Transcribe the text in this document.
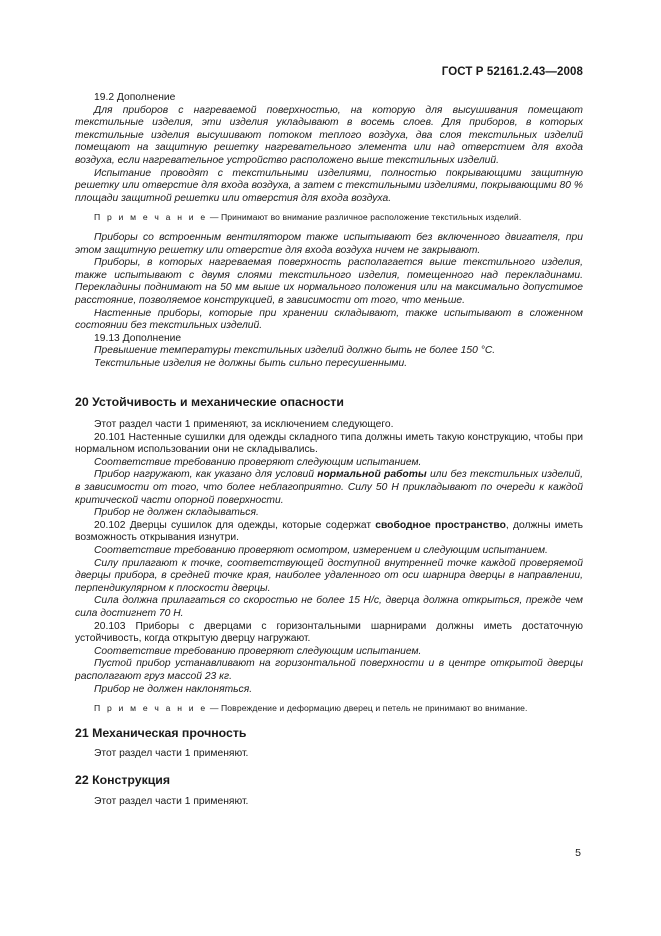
ГОСТ Р 52161.2.43—2008

19.2 Дополнение

Для приборов с нагреваемой поверхностью, на которую для высушивания помещают текстильные изделия, эти изделия укладывают в восемь слоев. Для приборов, в которых текстильные изделия высушивают потоком теплого воздуха, два слоя текстильных изделий помещают на защитную решетку нагревательного элемента или над отверстием для входа воздуха, если нагревательное устройство расположено выше текстильных изделий.

Испытание проводят с текстильными изделиями, полностью покрывающими защитную решетку или отверстие для входа воздуха, а затем с текстильными изделиями, покрывающими 80 % площади защитной решетки или отверстия для входа воздуха.

П р и м е ч а н и е — Принимают во внимание различное расположение текстильных изделий.

Приборы со встроенным вентилятором также испытывают без включенного двигателя, при этом защитную решетку или отверстие для входа воздуха ничем не закрывают.

Приборы, в которых нагреваемая поверхность располагается выше текстильного изделия, также испытывают с двумя слоями текстильного изделия, помещенного над перекладинами. Перекладины поднимают на 50 мм выше их нормального положения или на максимально допустимое расстояние, позволяемое конструкцией, в зависимости от того, что меньше.

Настенные приборы, которые при хранении складывают, также испытывают в сложенном состоянии без текстильных изделий.

19.13 Дополнение

Превышение температуры текстильных изделий должно быть не более 150 °С.

Текстильные изделия не должны быть сильно пересушенными.

20 Устойчивость и механические опасности

Этот раздел части 1 применяют, за исключением следующего.

20.101 Настенные сушилки для одежды складного типа должны иметь такую конструкцию, чтобы при нормальном использовании они не складывались.

Соответствие требованию проверяют следующим испытанием.

Прибор нагружают, как указано для условий нормальной работы или без текстильных изделий, в зависимости от того, что более неблагоприятно. Силу 50 Н прикладывают по очереди к каждой критической части опорной поверхности.

Прибор не должен складываться.

20.102 Дверцы сушилок для одежды, которые содержат свободное пространство, должны иметь возможность открывания изнутри.

Соответствие требованию проверяют осмотром, измерением и следующим испытанием.

Силу прилагают к точке, соответствующей доступной внутренней точке каждой проверяемой дверцы прибора, в средней точке края, наиболее удаленного от оси шарнира дверцы в направлении, перпендикулярном к плоскости дверцы.

Сила должна прилагаться со скоростью не более 15 Н/с, дверца должна открыться, прежде чем сила достигнет 70 Н.

20.103 Приборы с дверцами с горизонтальными шарнирами должны иметь достаточную устойчивость, когда открытую дверцу нагружают.

Соответствие требованию проверяют следующим испытанием.

Пустой прибор устанавливают на горизонтальной поверхности и в центре открытой дверцы располагают груз массой 23 кг.

Прибор не должен наклоняться.

П р и м е ч а н и е — Повреждение и деформацию дверец и петель не принимают во внимание.

21 Механическая прочность

Этот раздел части 1 применяют.

22 Конструкция

Этот раздел части 1 применяют.

5
